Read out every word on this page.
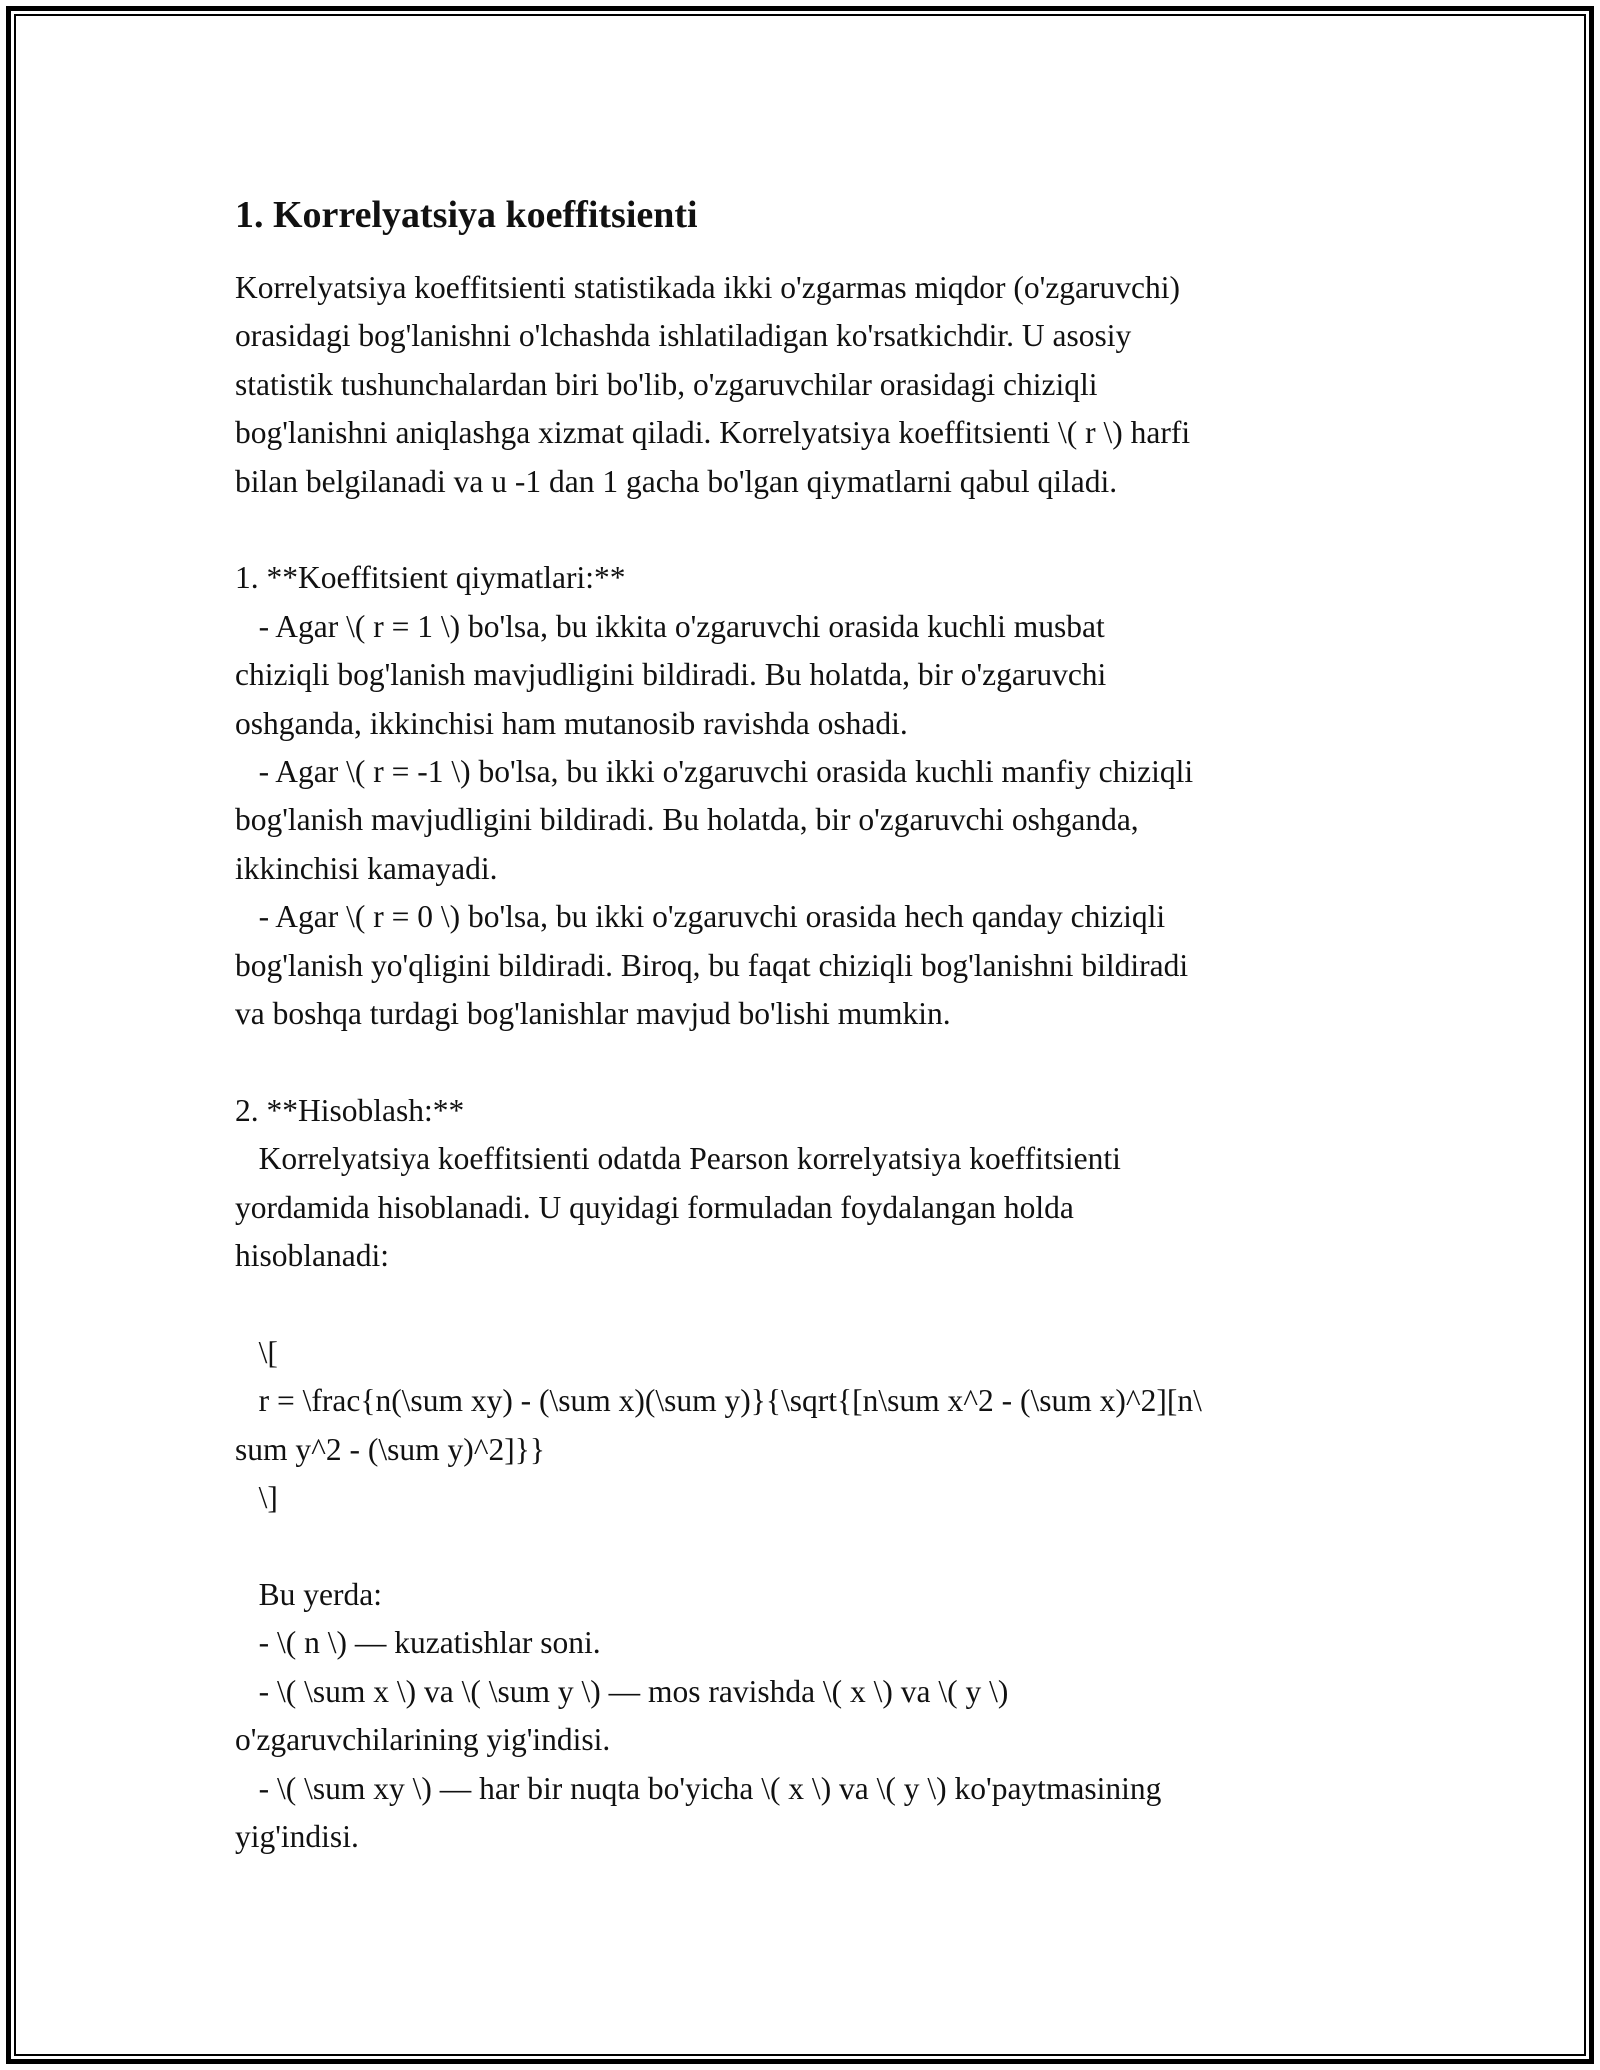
1. Korrelyatsiya koeffitsienti
Korrelyatsiya koeffitsienti statistikada ikki o'zgarmas miqdor (o'zgaruvchi)
orasidagi bog'lanishni o'lchashda ishlatiladigan ko'rsatkichdir. U asosiy
statistik tushunchalardan biri bo'lib, o'zgaruvchilar orasidagi chiziqli
bog'lanishni aniqlashga xizmat qiladi. Korrelyatsiya koeffitsienti \( r \) harfi
bilan belgilanadi va u -1 dan 1 gacha bo'lgan qiymatlarni qabul qiladi.
1. **Koeffitsient qiymatlari:**
- Agar \( r = 1 \) bo'lsa, bu ikkita o'zgaruvchi orasida kuchli musbat
chiziqli bog'lanish mavjudligini bildiradi. Bu holatda, bir o'zgaruvchi
oshganda, ikkinchisi ham mutanosib ravishda oshadi.
- Agar \( r = -1 \) bo'lsa, bu ikki o'zgaruvchi orasida kuchli manfiy chiziqli
bog'lanish mavjudligini bildiradi. Bu holatda, bir o'zgaruvchi oshganda,
ikkinchisi kamayadi.
- Agar \( r = 0 \) bo'lsa, bu ikki o'zgaruvchi orasida hech qanday chiziqli
bog'lanish yo'qligini bildiradi. Biroq, bu faqat chiziqli bog'lanishni bildiradi
va boshqa turdagi bog'lanishlar mavjud bo'lishi mumkin.
2. **Hisoblash:**
Korrelyatsiya koeffitsienti odatda Pearson korrelyatsiya koeffitsienti
yordamida hisoblanadi. U quyidagi formuladan foydalangan holda
hisoblanadi:
\[
r = \frac{n(\sum xy) - (\sum x)(\sum y)}{\sqrt{[n\sum x^2 - (\sum x)^2][n\
sum y^2 - (\sum y)^2]}}
\]
Bu yerda:
- \( n \) — kuzatishlar soni.
- \( \sum x \) va \( \sum y \) — mos ravishda \( x \) va \( y \)
o'zgaruvchilarining yig'indisi.
- \( \sum xy \) — har bir nuqta bo'yicha \( x \) va \( y \) ko'paytmasining
yig'indisi.
